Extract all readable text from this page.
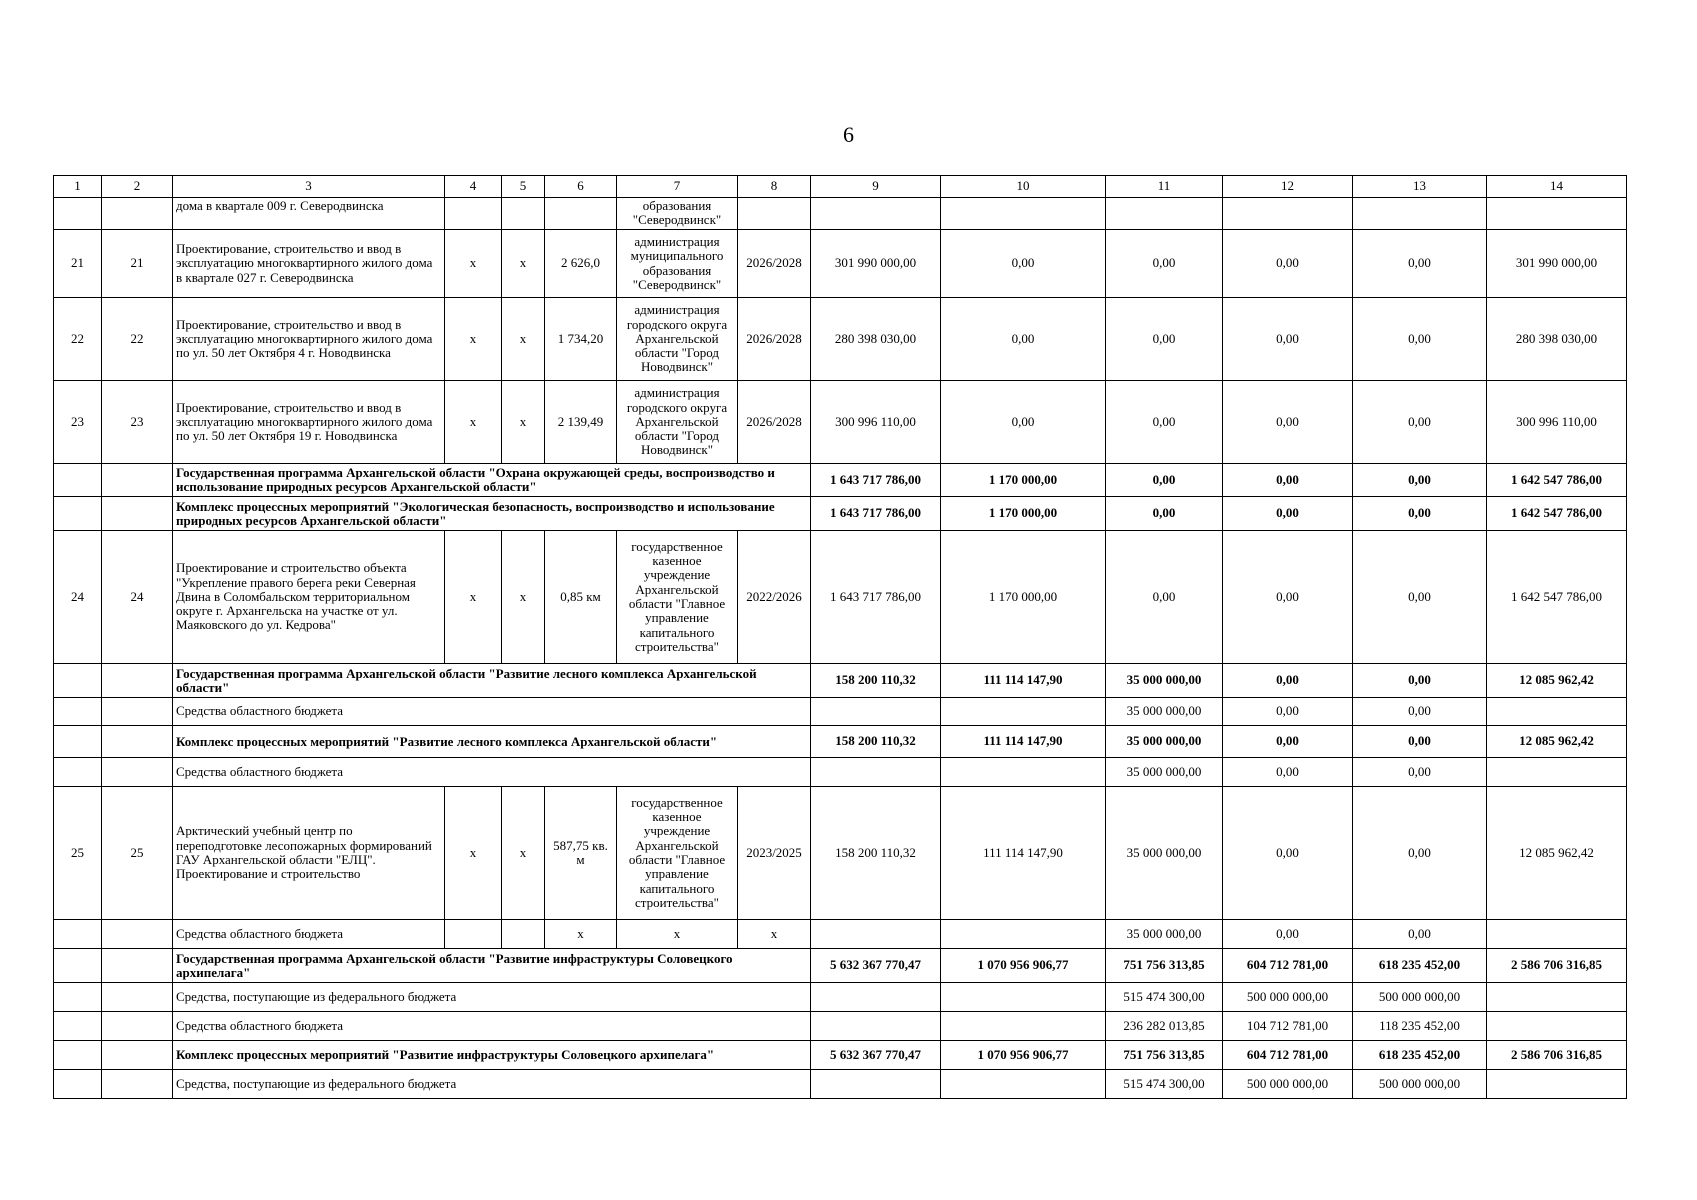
6
1	2	3	4	5	6	7	8	9	10	11	12	13	14
		дома в квартале 009 г. Северодвинска				образования "Северодвинск"							
21	21	Проектирование, строительство и ввод в эксплуатацию многоквартирного жилого дома в квартале 027 г. Северодвинска	х	х	2 626,0	администрация муниципального образования "Северодвинск"	2026/2028	301 990 000,00	0,00	0,00	0,00	0,00	301 990 000,00
22	22	Проектирование, строительство и ввод в эксплуатацию многоквартирного жилого дома по ул. 50 лет Октября 4 г. Новодвинска	х	х	1 734,20	администрация городского округа Архангельской области "Город Новодвинск"	2026/2028	280 398 030,00	0,00	0,00	0,00	0,00	280 398 030,00
23	23	Проектирование, строительство и ввод в эксплуатацию многоквартирного жилого дома по ул. 50 лет Октября 19 г. Новодвинска	х	х	2 139,49	администрация городского округа Архангельской области "Город Новодвинск"	2026/2028	300 996 110,00	0,00	0,00	0,00	0,00	300 996 110,00
		Государственная программа Архангельской области "Охрана окружающей среды, воспроизводство и использование природных ресурсов Архангельской области"						1 643 717 786,00	1 170 000,00	0,00	0,00	0,00	1 642 547 786,00
		Комплекс процессных мероприятий "Экологическая безопасность, воспроизводство и использование природных ресурсов Архангельской области"						1 643 717 786,00	1 170 000,00	0,00	0,00	0,00	1 642 547 786,00
24	24	Проектирование и строительство объекта "Укрепление правого берега реки Северная Двина в Соломбальском территориальном округе г. Архангельска на участке от ул. Маяковского до ул. Кедрова"	х	х	0,85 км	государственное казенное учреждение Архангельской области "Главное управление капитального строительства"	2022/2026	1 643 717 786,00	1 170 000,00	0,00	0,00	0,00	1 642 547 786,00
		Государственная программа Архангельской области "Развитие лесного комплекса Архангельской области"						158 200 110,32	111 114 147,90	35 000 000,00	0,00	0,00	12 085 962,42
		Средства областного бюджета								35 000 000,00	0,00	0,00	
		Комплекс процессных мероприятий "Развитие лесного комплекса Архангельской области"						158 200 110,32	111 114 147,90	35 000 000,00	0,00	0,00	12 085 962,42
		Средства областного бюджета								35 000 000,00	0,00	0,00	
25	25	Арктический учебный центр по переподготовке лесопожарных формирований ГАУ Архангельской области "ЕЛЦ". Проектирование и строительство	х	х	587,75 кв. м	государственное казенное учреждение Архангельской области "Главное управление капитального строительства"	2023/2025	158 200 110,32	111 114 147,90	35 000 000,00	0,00	0,00	12 085 962,42
		Средства областного бюджета			х	х	х			35 000 000,00	0,00	0,00	
		Государственная программа Архангельской области "Развитие инфраструктуры Соловецкого архипелага"						5 632 367 770,47	1 070 956 906,77	751 756 313,85	604 712 781,00	618 235 452,00	2 586 706 316,85
		Средства, поступающие из федерального бюджета								515 474 300,00	500 000 000,00	500 000 000,00	
		Средства областного бюджета								236 282 013,85	104 712 781,00	118 235 452,00	
		Комплекс процессных мероприятий "Развитие инфраструктуры Соловецкого архипелага"						5 632 367 770,47	1 070 956 906,77	751 756 313,85	604 712 781,00	618 235 452,00	2 586 706 316,85
		Средства, поступающие из федерального бюджета								515 474 300,00	500 000 000,00	500 000 000,00	
